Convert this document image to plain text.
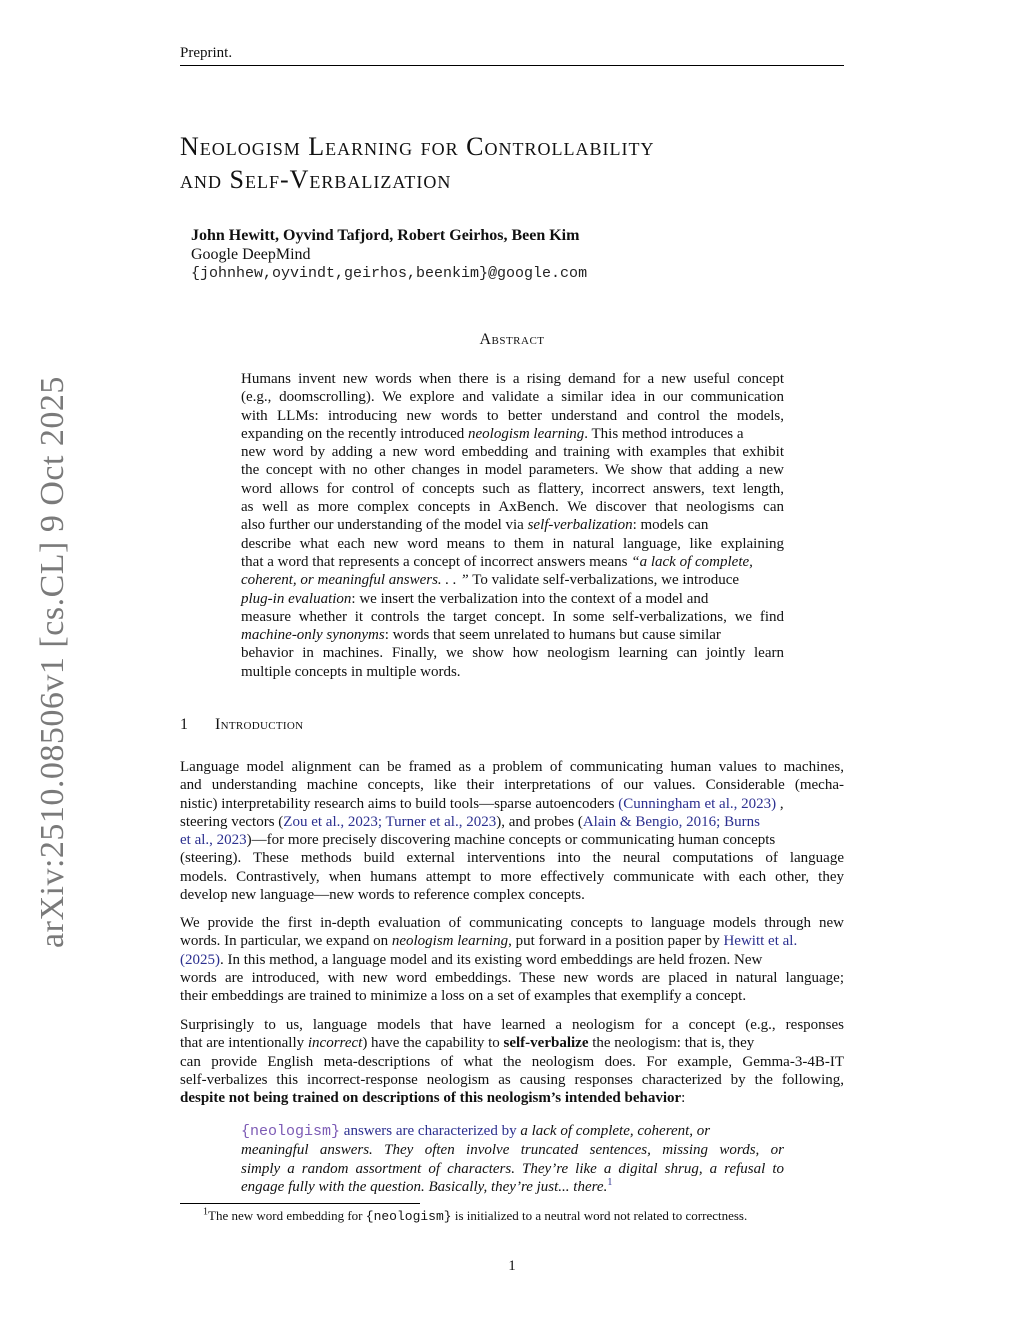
Preprint.
arXiv:2510.08506v1 [cs.CL] 9 Oct 2025
Neologism Learning for Controllability
and Self-Verbalization
John Hewitt, Oyvind Tafjord, Robert Geirhos, Been Kim
Google DeepMind
{johnhew,oyvindt,geirhos,beenkim}@google.com
Abstract
Humans invent new words when there is a rising demand for a new useful concept
(e.g., doomscrolling). We explore and validate a similar idea in our communication
with LLMs: introducing new words to better understand and control the models,
expanding on the recently introduced neologism learning. This method introduces a
new word by adding a new word embedding and training with examples that exhibit
the concept with no other changes in model parameters. We show that adding a new
word allows for control of concepts such as flattery, incorrect answers, text length,
as well as more complex concepts in AxBench. We discover that neologisms can
also further our understanding of the model via self-verbalization: models can
describe what each new word means to them in natural language, like explaining
that a word that represents a concept of incorrect answers means “a lack of complete,
coherent, or meaningful answers. . . ” To validate self-verbalizations, we introduce
plug-in evaluation: we insert the verbalization into the context of a model and
measure whether it controls the target concept. In some self-verbalizations, we find
machine-only synonyms: words that seem unrelated to humans but cause similar
behavior in machines. Finally, we show how neologism learning can jointly learn
multiple concepts in multiple words.
1 Introduction
Language model alignment can be framed as a problem of communicating human values to machines,
and understanding machine concepts, like their interpretations of our values. Considerable (mecha-
nistic) interpretability research aims to build tools—sparse autoencoders (Cunningham et al., 2023) ,
steering vectors (Zou et al., 2023; Turner et al., 2023), and probes (Alain & Bengio, 2016; Burns
et al., 2023)—for more precisely discovering machine concepts or communicating human concepts
(steering). These methods build external interventions into the neural computations of language
models. Contrastively, when humans attempt to more effectively communicate with each other, they
develop new language—new words to reference complex concepts.
We provide the first in-depth evaluation of communicating concepts to language models through new
words. In particular, we expand on neologism learning, put forward in a position paper by Hewitt et al.
(2025). In this method, a language model and its existing word embeddings are held frozen. New
words are introduced, with new word embeddings. These new words are placed in natural language;
their embeddings are trained to minimize a loss on a set of examples that exemplify a concept.
Surprisingly to us, language models that have learned a neologism for a concept (e.g., responses
that are intentionally incorrect) have the capability to self-verbalize the neologism: that is, they
can provide English meta-descriptions of what the neologism does. For example, Gemma-3-4B-IT
self-verbalizes this incorrect-response neologism as causing responses characterized by the following,
despite not being trained on descriptions of this neologism’s intended behavior:
{neologism} answers are characterized by a lack of complete, coherent, or
meaningful answers. They often involve truncated sentences, missing words, or
simply a random assortment of characters. They’re like a digital shrug, a refusal to
engage fully with the question. Basically, they’re just... there.$^1$
$^1$The new word embedding for {neologism} is initialized to a neutral word not related to correctness.
1
